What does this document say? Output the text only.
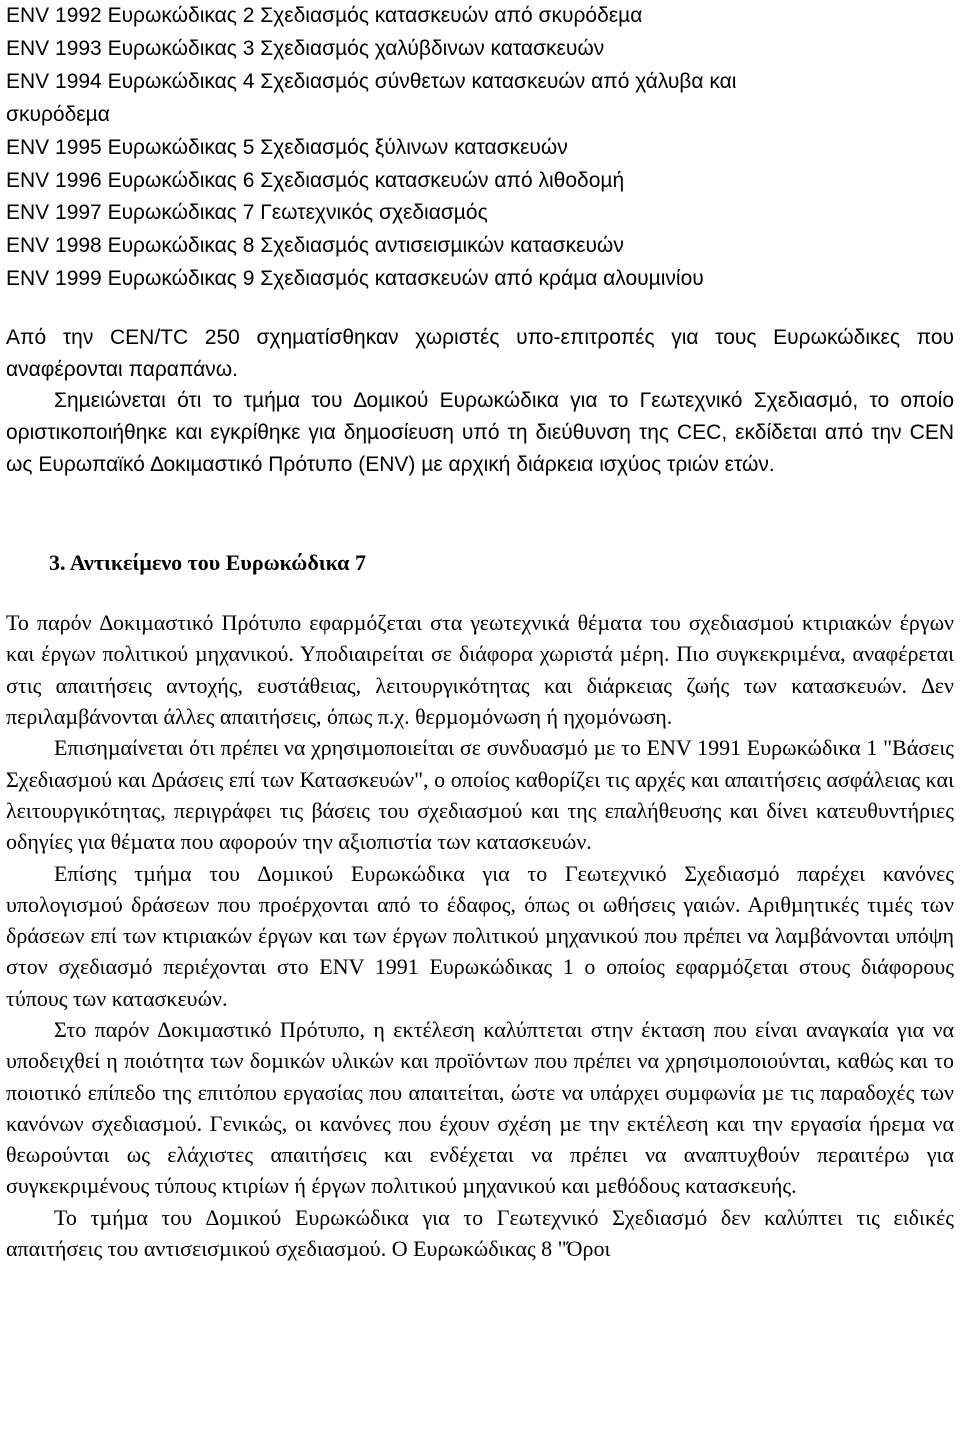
ENV 1992 Ευρωκώδικας 2 Σχεδιασµός κατασκευών από σκυρόδεµα
ENV 1993 Ευρωκώδικας 3 Σχεδιασµός χαλύβδινων κατασκευών
ENV 1994 Ευρωκώδικας 4 Σχεδιασµός σύνθετων κατασκευών από χάλυβα και
σκυρόδεµα
ENV 1995 Ευρωκώδικας 5 Σχεδιασµός ξύλινων κατασκευών
ENV 1996 Ευρωκώδικας 6 Σχεδιασµός κατασκευών από λιθοδοµή
ENV 1997 Ευρωκώδικας 7 Γεωτεχνικός σχεδιασµός
ENV 1998 Ευρωκώδικας 8 Σχεδιασµός αντισεισµικών κατασκευών
ENV 1999 Ευρωκώδικας 9 Σχεδιασµός κατασκευών από κράµα αλουµινίου

Από την CEN/TC 250 σχηµατίσθηκαν χωριστές υπο-επιτροπές για τους Ευρωκώδικες που αναφέρονται παραπάνω.

Σηµειώνεται ότι το τµήµα του ∆οµικού Ευρωκώδικα για το Γεωτεχνικό Σχεδιασµό, το οποίο οριστικοποιήθηκε και εγκρίθηκε για δηµοσίευση υπό τη διεύθυνση της CEC, εκδίδεται από την CEN ως Ευρωπαϊκό ∆οκιµαστικό Πρότυπο (ENV) µε αρχική διάρκεια ισχύος τριών ετών.

3. Αντικείµενο του Ευρωκώδικα 7

Το παρόν ∆οκιµαστικό Πρότυπο εφαρµόζεται στα γεωτεχνικά θέµατα του σχεδιασµού κτιριακών έργων και έργων πολιτικού µηχανικού. Υποδιαιρείται σε διάφορα χωριστά µέρη. Πιο συγκεκριµένα, αναφέρεται στις απαιτήσεις αντοχής, ευστάθειας, λειτουργικότητας και διάρκειας ζωής των κατασκευών. ∆εν περιλαµβάνονται άλλες απαιτήσεις, όπως π.χ. θερµοµόνωση ή ηχοµόνωση.

Επισηµαίνεται ότι πρέπει να χρησιµοποιείται σε συνδυασµό µε το ENV 1991 Ευρωκώδικα 1 "Βάσεις Σχεδιασµού και ∆ράσεις επί των Κατασκευών", ο οποίος καθορίζει τις αρχές και απαιτήσεις ασφάλειας και λειτουργικότητας, περιγράφει τις βάσεις του σχεδιασµού και της επαλήθευσης και δίνει κατευθυντήριες οδηγίες για θέµατα που αφορούν την αξιοπιστία των κατασκευών.

Επίσης τµήµα του ∆οµικού Ευρωκώδικα για το Γεωτεχνικό Σχεδιασµό παρέχει κανόνες υπολογισµού δράσεων που προέρχονται από το έδαφος, όπως οι ωθήσεις γαιών. Αριθµητικές τιµές των δράσεων επί των κτιριακών έργων και των έργων πολιτικού µηχανικού που πρέπει να λαµβάνονται υπόψη στον σχεδιασµό περιέχονται στο ENV 1991 Ευρωκώδικας 1 ο οποίος εφαρµόζεται στους διάφορους τύπους των κατασκευών.

Στο παρόν ∆οκιµαστικό Πρότυπο, η εκτέλεση καλύπτεται στην έκταση που είναι αναγκαία για να υποδειχθεί η ποιότητα των δοµικών υλικών και προϊόντων που πρέπει να χρησιµοποιούνται, καθώς και το ποιοτικό επίπεδο της επιτόπου εργασίας που απαιτείται, ώστε να υπάρχει συµφωνία µε τις παραδοχές των κανόνων σχεδιασµού. Γενικώς, οι κανόνες που έχουν σχέση µε την εκτέλεση και την εργασία ήρεµα να θεωρούνται ως ελάχιστες απαιτήσεις και ενδέχεται να πρέπει να αναπτυχθούν περαιτέρω για συγκεκριµένους τύπους κτιρίων ή έργων πολιτικού µηχανικού και µεθόδους κατασκευής.

Το τµήµα του ∆οµικού Ευρωκώδικα για το Γεωτεχνικό Σχεδιασµό δεν καλύπτει τις ειδικές απαιτήσεις του αντισεισµικού σχεδιασµού. Ο Ευρωκώδικας 8 "Όροι
